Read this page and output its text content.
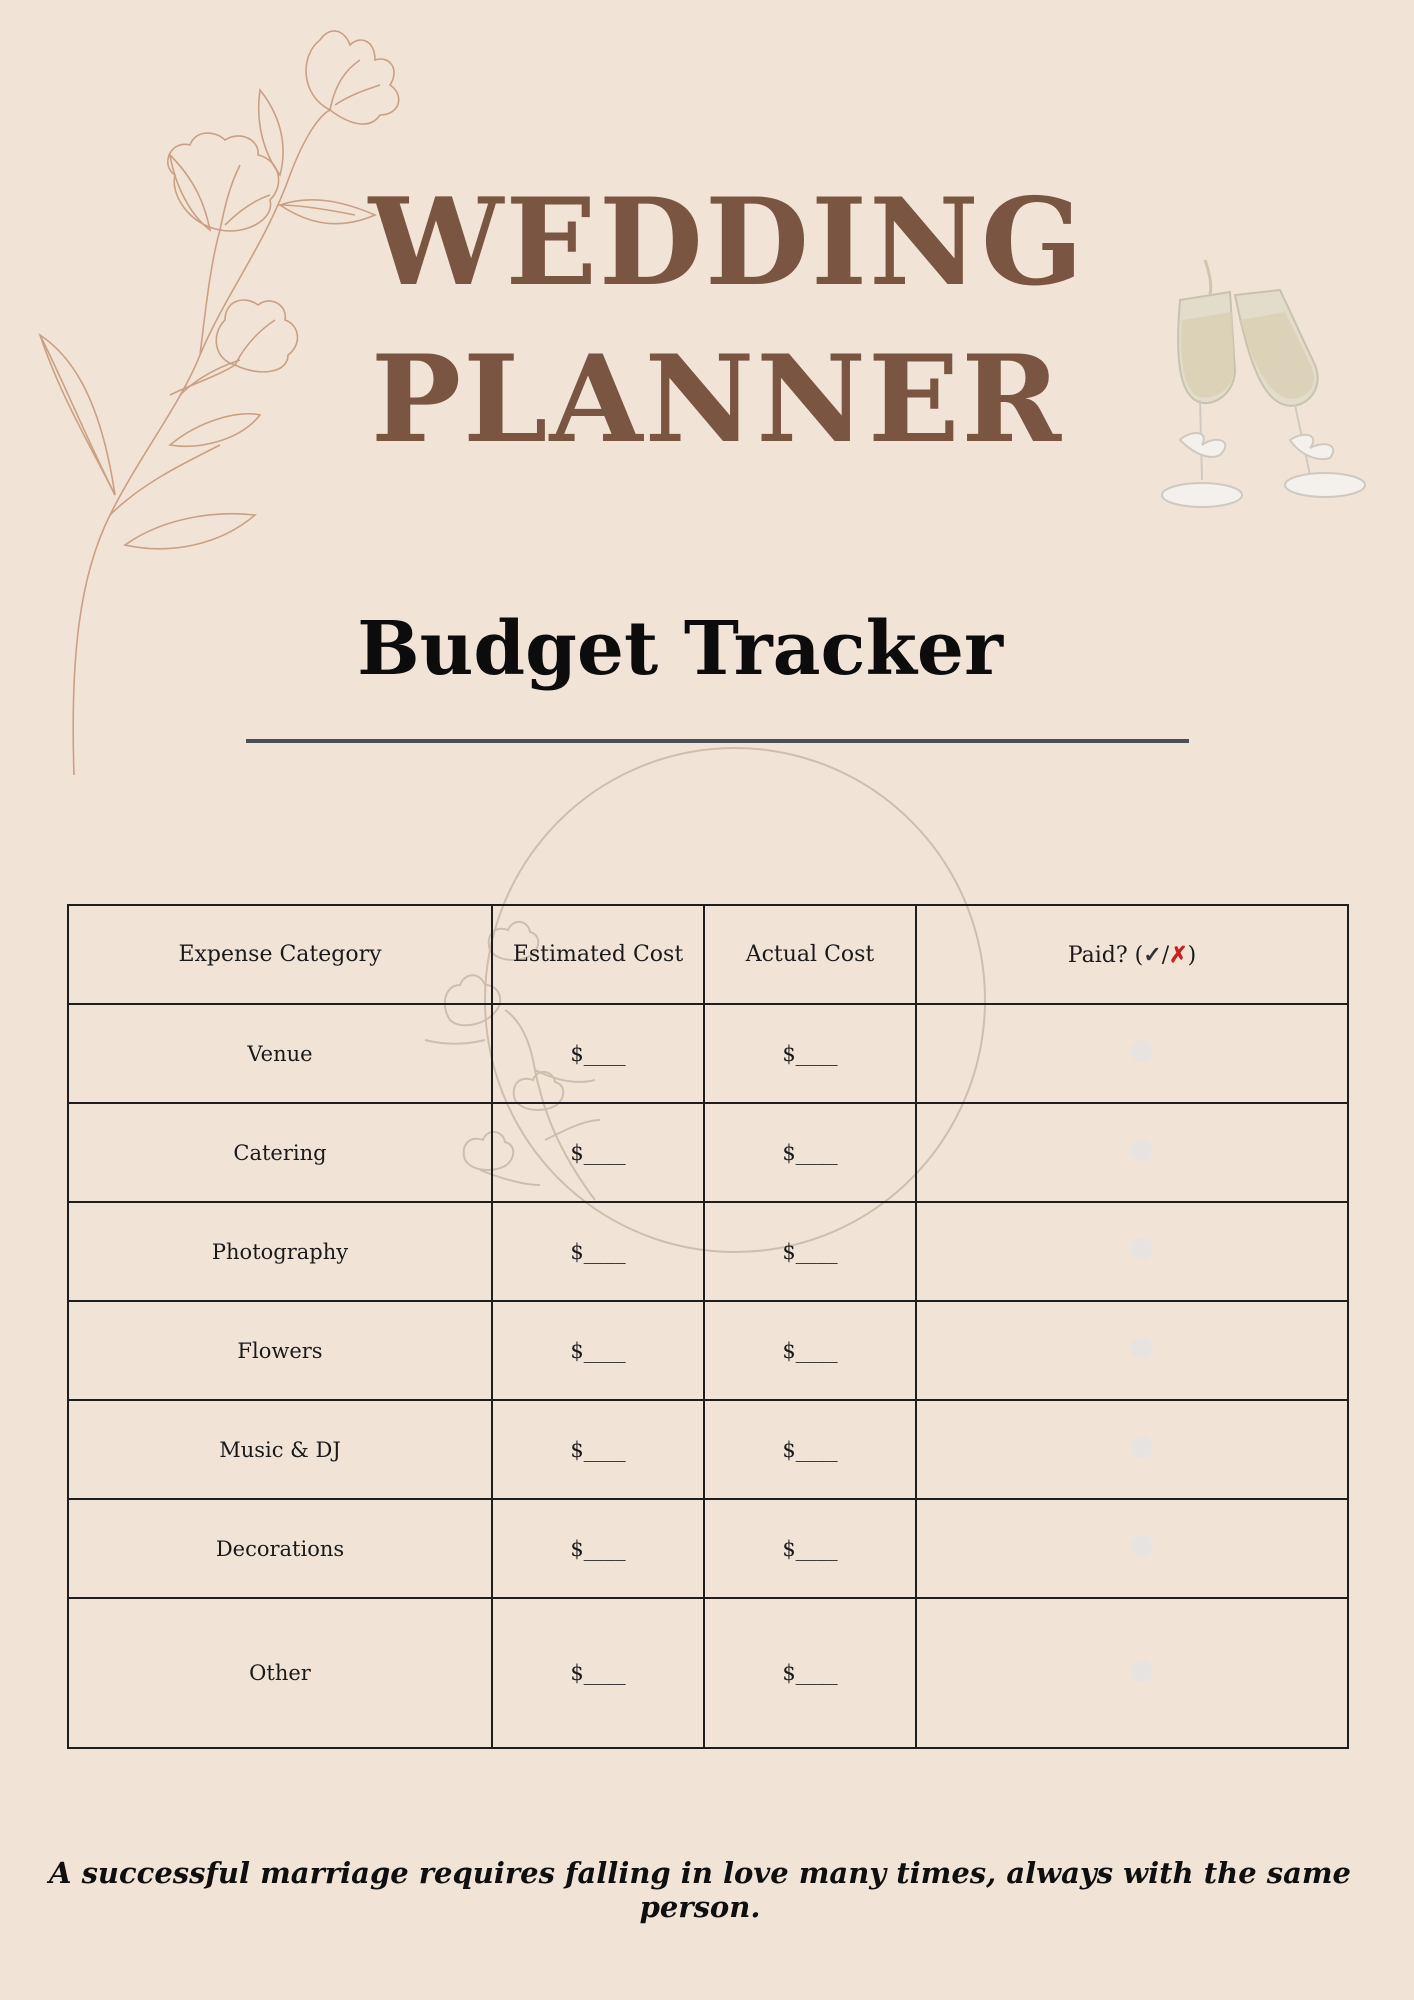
WEDDING
PLANNER
Budget Tracker
Expense Category	Estimated Cost	Actual Cost	Paid? (✓/✗)
Venue	$____	$____	
Catering	$____	$____	
Photography	$____	$____	
Flowers	$____	$____	
Music & DJ	$____	$____	
Decorations	$____	$____	
Other	$____	$____	
A successful marriage requires falling in love many times, always with the same person.
